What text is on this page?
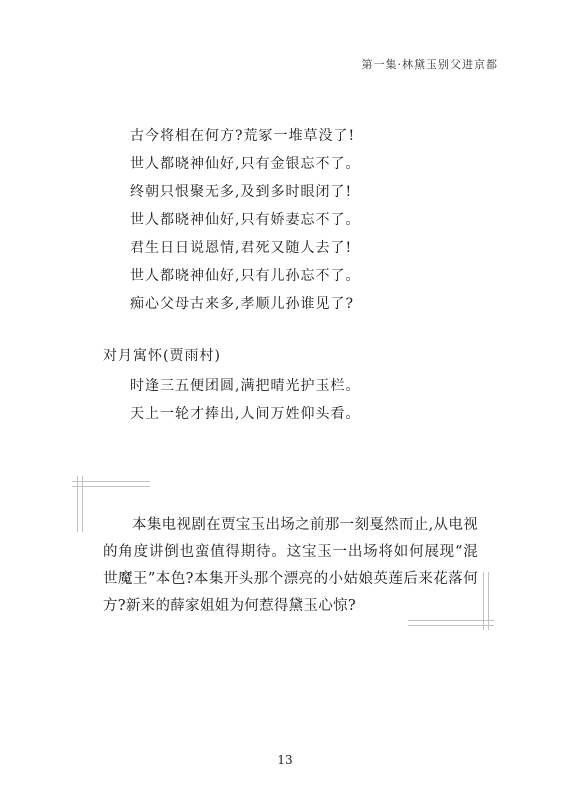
第一集·林黛玉别父进京都
古今将相在何方?荒冢一堆草没了!
世人都晓神仙好,只有金银忘不了。
终朝只恨聚无多,及到多时眼闭了!
世人都晓神仙好,只有娇妻忘不了。
君生日日说恩情,君死又随人去了!
世人都晓神仙好,只有儿孙忘不了。
痴心父母古来多,孝顺儿孙谁见了?
对月寓怀(贾雨村)
时逢三五便团圆,满把晴光护玉栏。
天上一轮才捧出,人间万姓仰头看。
本集电视剧在贾宝玉出场之前那一刻戛然而止,从电视的角度讲倒也蛮值得期待。这宝玉一出场将如何展现“混世魔王”本色?本集开头那个漂亮的小姑娘英莲后来花落何方?新来的薛家姐姐为何惹得黛玉心惊?
13
